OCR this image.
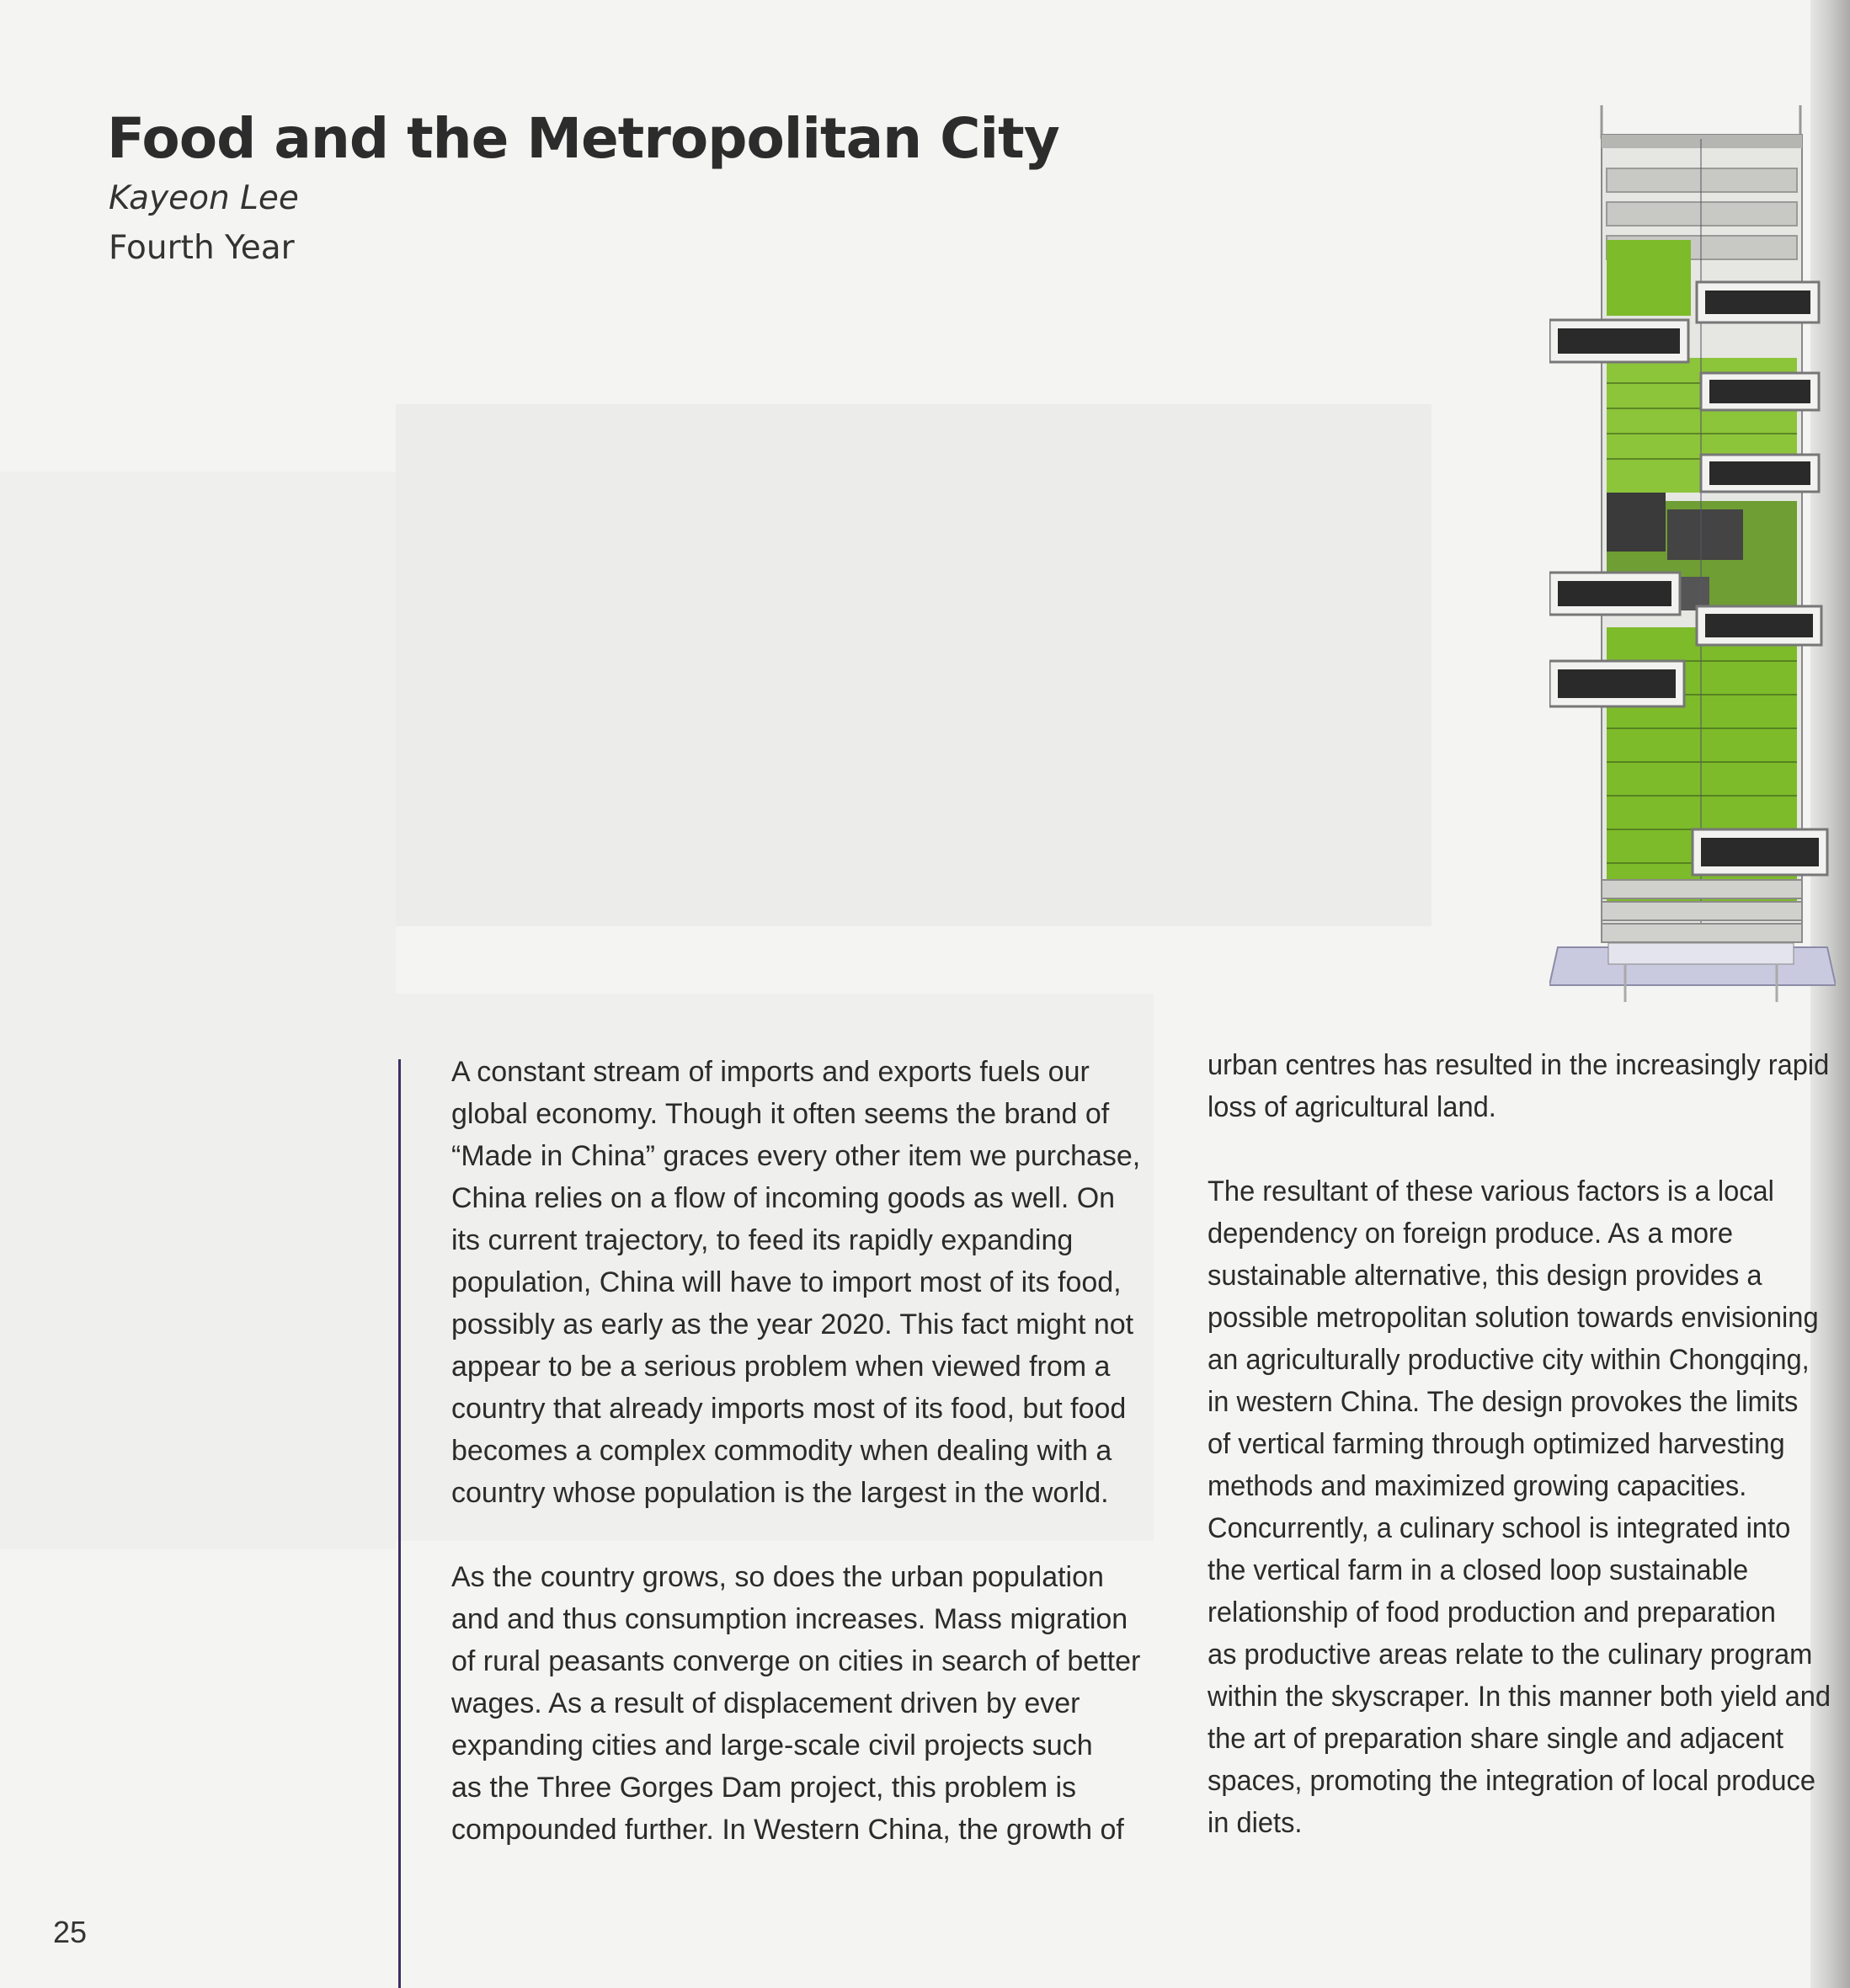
Food and the Metropolitan City
Kayeon Lee
Fourth Year
A constant stream of imports and exports fuels our
global economy. Though it often seems the brand of
“Made in China” graces every other item we purchase,
China relies on a flow of incoming goods as well. On
its current trajectory, to feed its rapidly expanding
population, China will have to import most of its food,
possibly as early as the year 2020. This fact might not
appear to be a serious problem when viewed from a
country that already imports most of its food, but food
becomes a complex commodity when dealing with a
country whose population is the largest in the world.
As the country grows, so does the urban population
and and thus consumption increases. Mass migration
of rural peasants converge on cities in search of better
wages. As a result of displacement driven by ever
expanding cities and large-scale civil projects such
as the Three Gorges Dam project, this problem is
compounded further. In Western China, the growth of
urban centres has resulted in the increasingly rapid
loss of agricultural land.
The resultant of these various factors is a local
dependency on foreign produce. As a more
sustainable alternative, this design provides a
possible metropolitan solution towards envisioning
an agriculturally productive city within Chongqing,
in western China. The design provokes the limits
of vertical farming through optimized harvesting
methods and maximized growing capacities.
Concurrently, a culinary school is integrated into
the vertical farm in a closed loop sustainable
relationship of food production and preparation
as productive areas relate to the culinary program
within the skyscraper. In this manner both yield and
the art of preparation share single and adjacent
spaces, promoting the integration of local produce
in diets.
25
